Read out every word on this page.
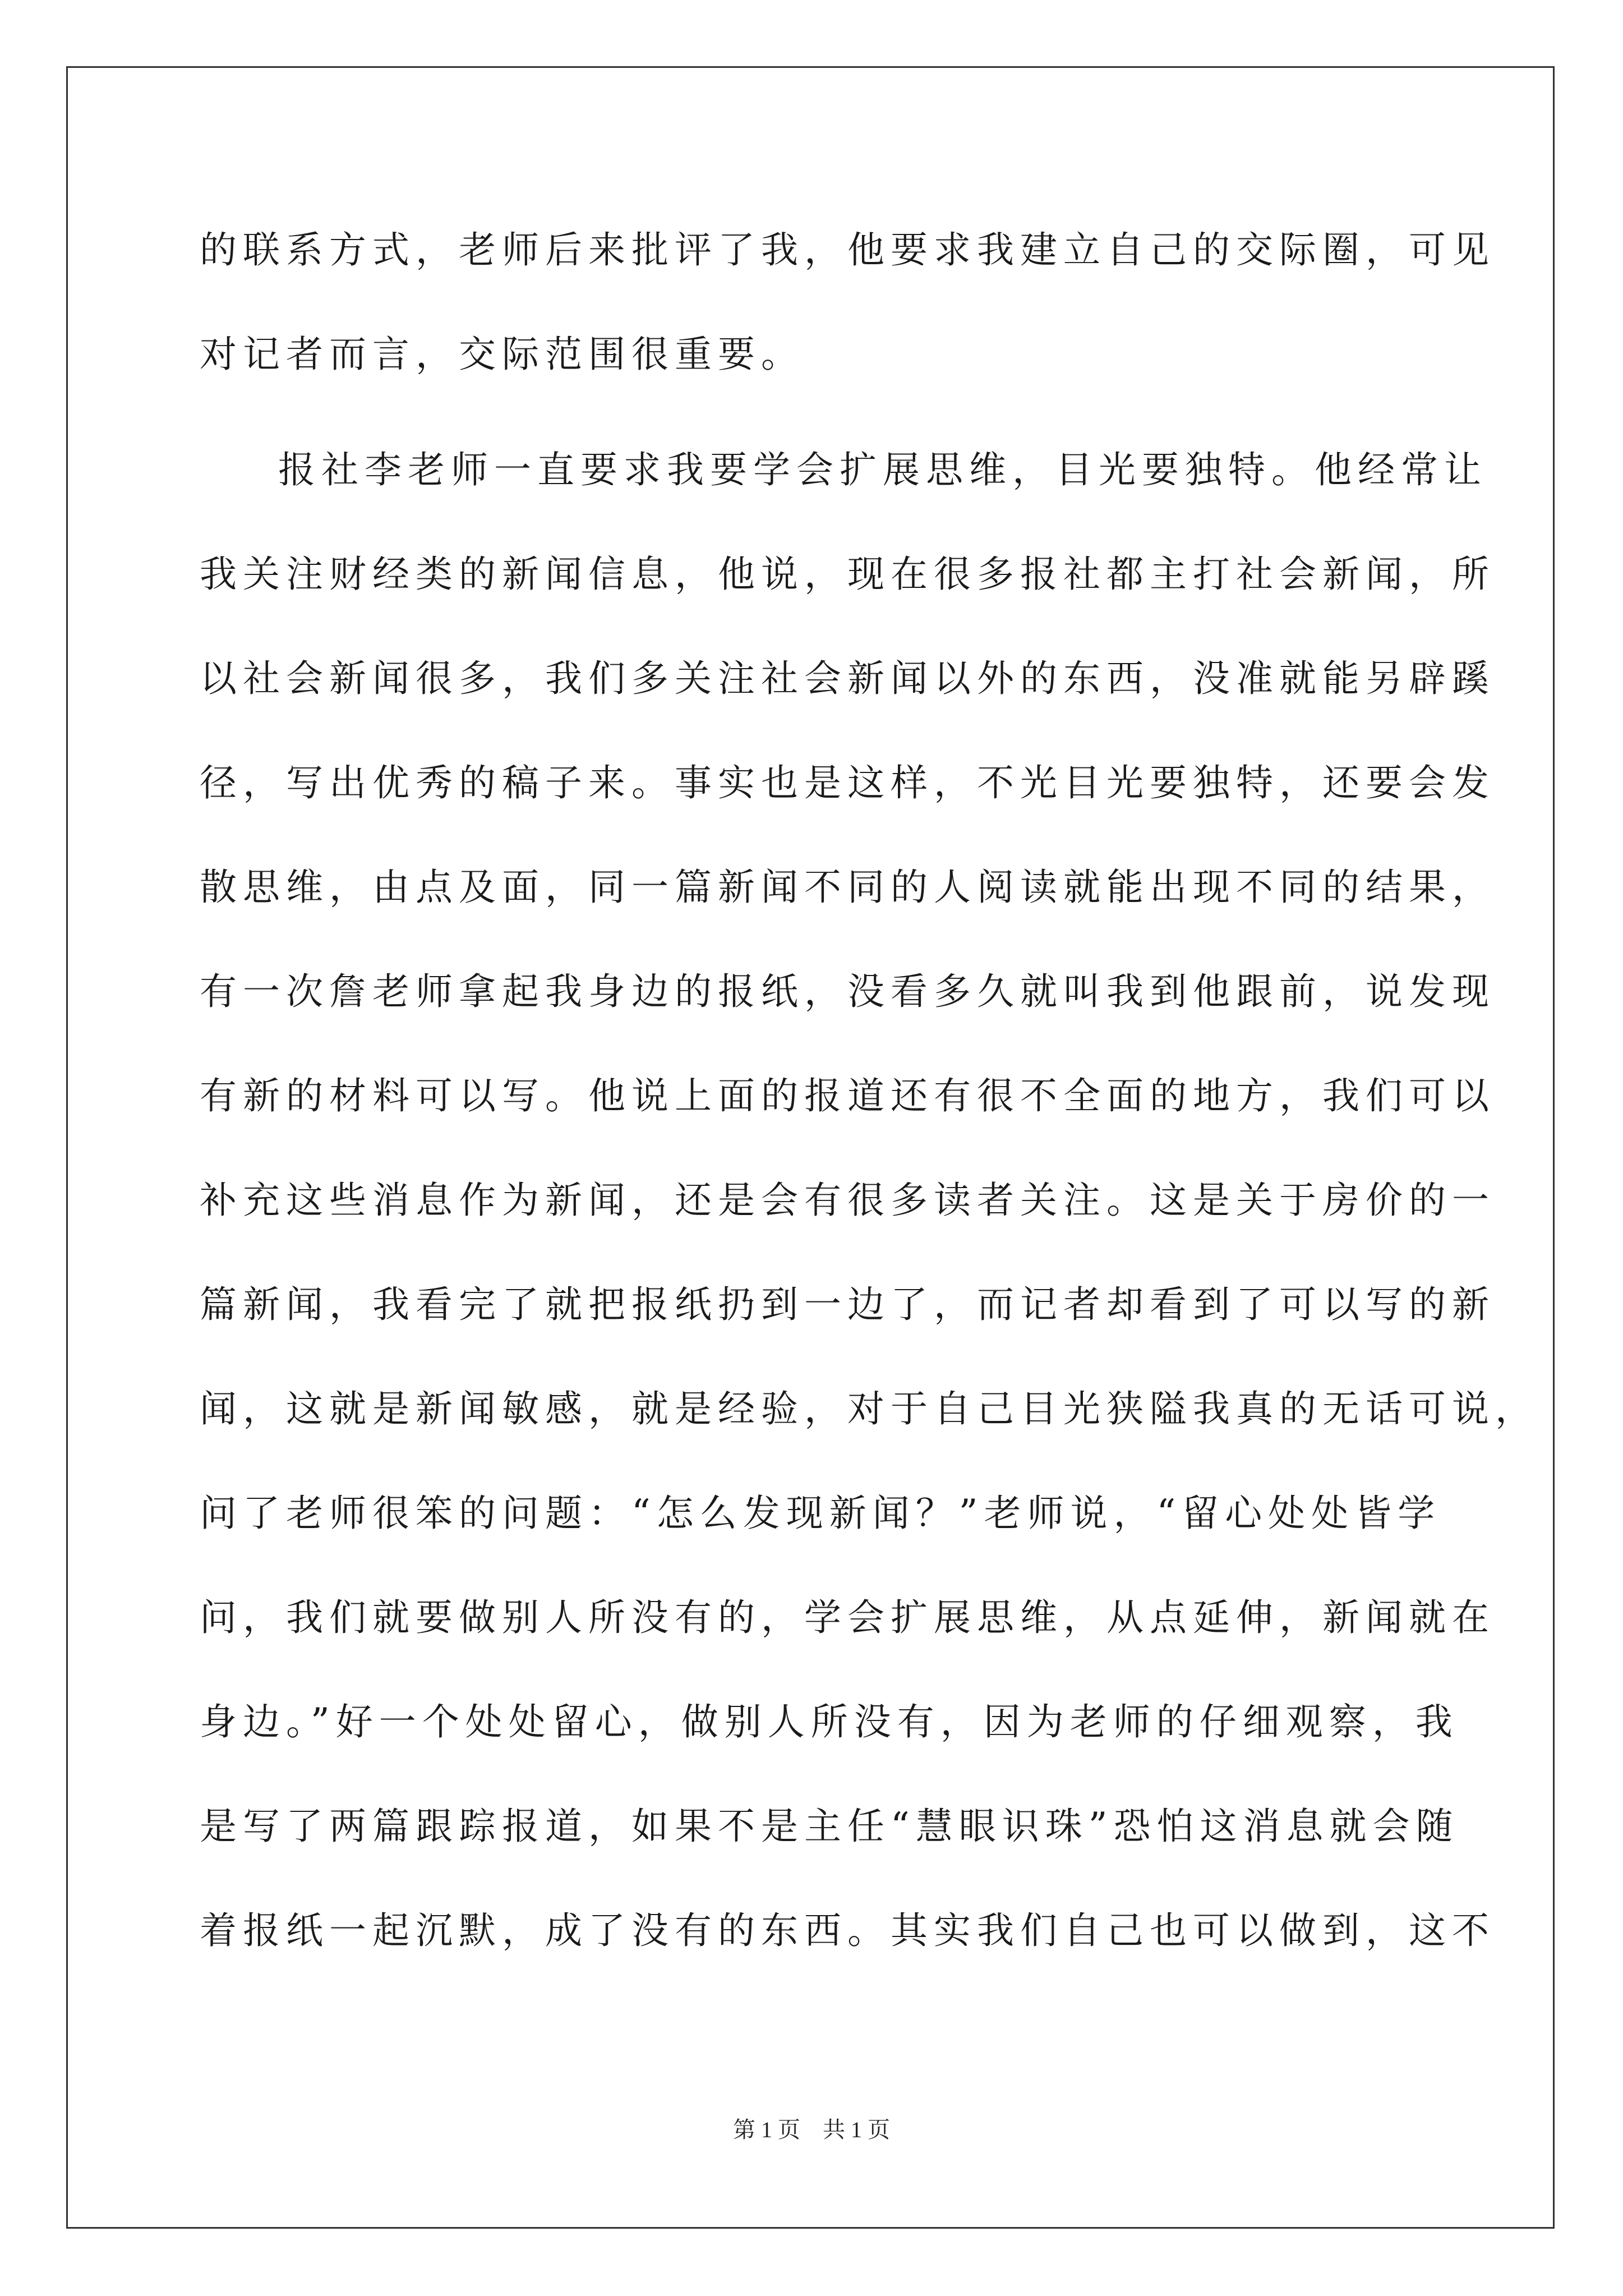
的联系方式，老师后来批评了我，他要求我建立自己的交际圈，可见
对记者而言，交际范围很重要。
报社李老师一直要求我要学会扩展思维，目光要独特。他经常让
我关注财经类的新闻信息，他说，现在很多报社都主打社会新闻，所
以社会新闻很多，我们多关注社会新闻以外的东西，没准就能另辟蹊
径，写出优秀的稿子来。事实也是这样，不光目光要独特，还要会发
散思维，由点及面，同一篇新闻不同的人阅读就能出现不同的结果，
有一次詹老师拿起我身边的报纸，没看多久就叫我到他跟前，说发现
有新的材料可以写。他说上面的报道还有很不全面的地方，我们可以
补充这些消息作为新闻，还是会有很多读者关注。这是关于房价的一
篇新闻，我看完了就把报纸扔到一边了，而记者却看到了可以写的新
闻，这就是新闻敏感，就是经验，对于自己目光狭隘我真的无话可说，
问了老师很笨的问题：“怎么发现新闻？”老师说，“留心处处皆学
问，我们就要做别人所没有的，学会扩展思维，从点延伸，新闻就在
身边。”好一个处处留心，做别人所没有，因为老师的仔细观察，我
是写了两篇跟踪报道，如果不是主任“慧眼识珠”恐怕这消息就会随
着报纸一起沉默，成了没有的东西。其实我们自己也可以做到，这不
第 1 页　共 1 页
